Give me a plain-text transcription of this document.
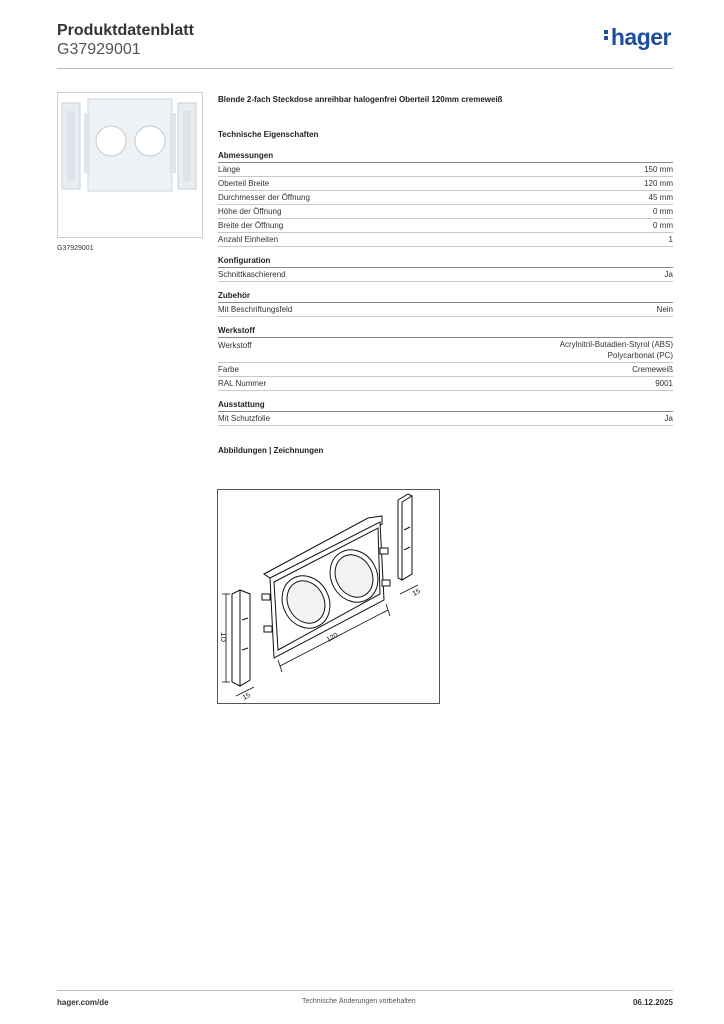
Produktdatenblatt
G37929001	hager
G37929001
Blende 2-fach Steckdose anreihbar halogenfrei Oberteil 120mm cremeweiß
Technische Eigenschaften
Abmessungen
Länge	150 mm
Oberteil Breite	120 mm
Durchmesser der Öffnung	45 mm
Höhe der Öffnung	0 mm
Breite der Öffnung	0 mm
Anzahl Einheiten	1
Konfiguration
Schnittkaschierend	Ja
Zubehör
Mit Beschriftungsfeld	Nein
Werkstoff
Werkstoff	Acrylnitril-Butadien-Styrol (ABS)
Polycarbonat (PC)
Farbe	Cremeweiß
RAL Nummer	9001
Ausstattung
Mit Schutzfolie	Ja
Abbildungen | Zeichnungen
OT	120
15
15
hager.com/de	Technische Änderungen vorbehalten	06.12.2025
